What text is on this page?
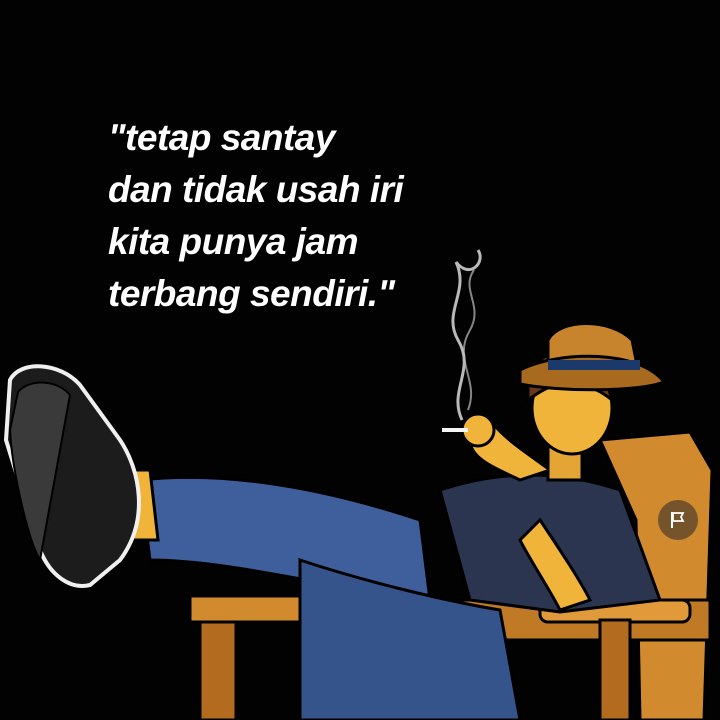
"tetap santay
dan tidak usah iri
kita punya jam
terbang sendiri."
